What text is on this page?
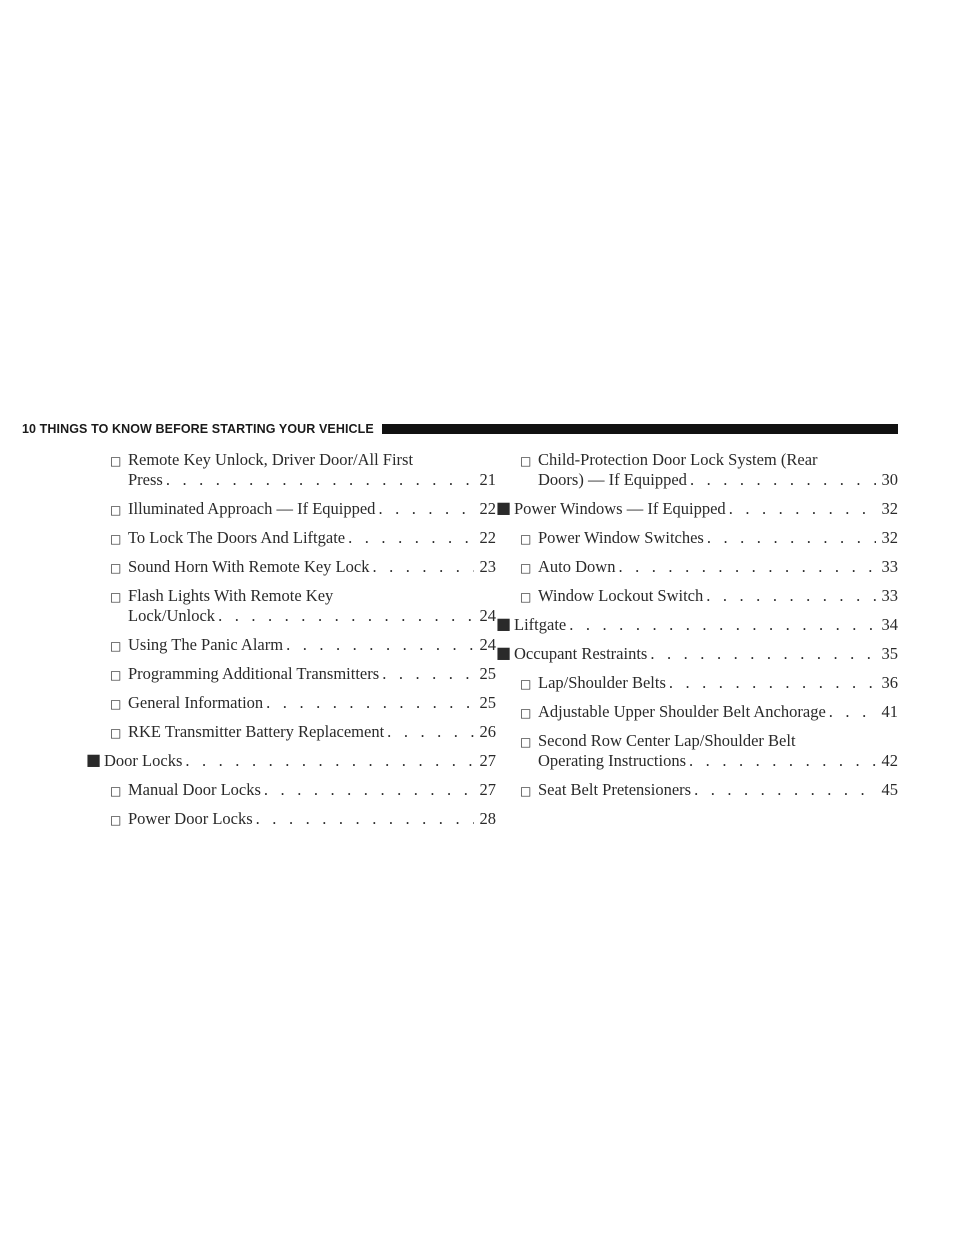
10 THINGS TO KNOW BEFORE STARTING YOUR VEHICLE
□ Remote Key Unlock, Driver Door/All First
Press . . .	21
□ Illuminated Approach — If Equipped . . .	22
□ To Lock The Doors And Liftgate . . .	22
□ Sound Horn With Remote Key Lock . . .	23
□ Flash Lights With Remote Key
Lock/Unlock . . .	24
□ Using The Panic Alarm . . .	24
□ Programming Additional Transmitters . . .	25
□ General Information . . .	25
□ RKE Transmitter Battery Replacement . . .	26
■ Door Locks . . .	27
□ Manual Door Locks . . .	27
□ Power Door Locks . . .	28
□ Child-Protection Door Lock System (Rear
Doors) — If Equipped . . .	30
■ Power Windows — If Equipped . . .	32
□ Power Window Switches . . .	32
□ Auto Down . . .	33
□ Window Lockout Switch . . .	33
■ Liftgate . . .	34
■ Occupant Restraints . . .	35
□ Lap/Shoulder Belts . . .	36
□ Adjustable Upper Shoulder Belt Anchorage . . .	41
□ Second Row Center Lap/Shoulder Belt
Operating Instructions . . .	42
□ Seat Belt Pretensioners . . .	45
